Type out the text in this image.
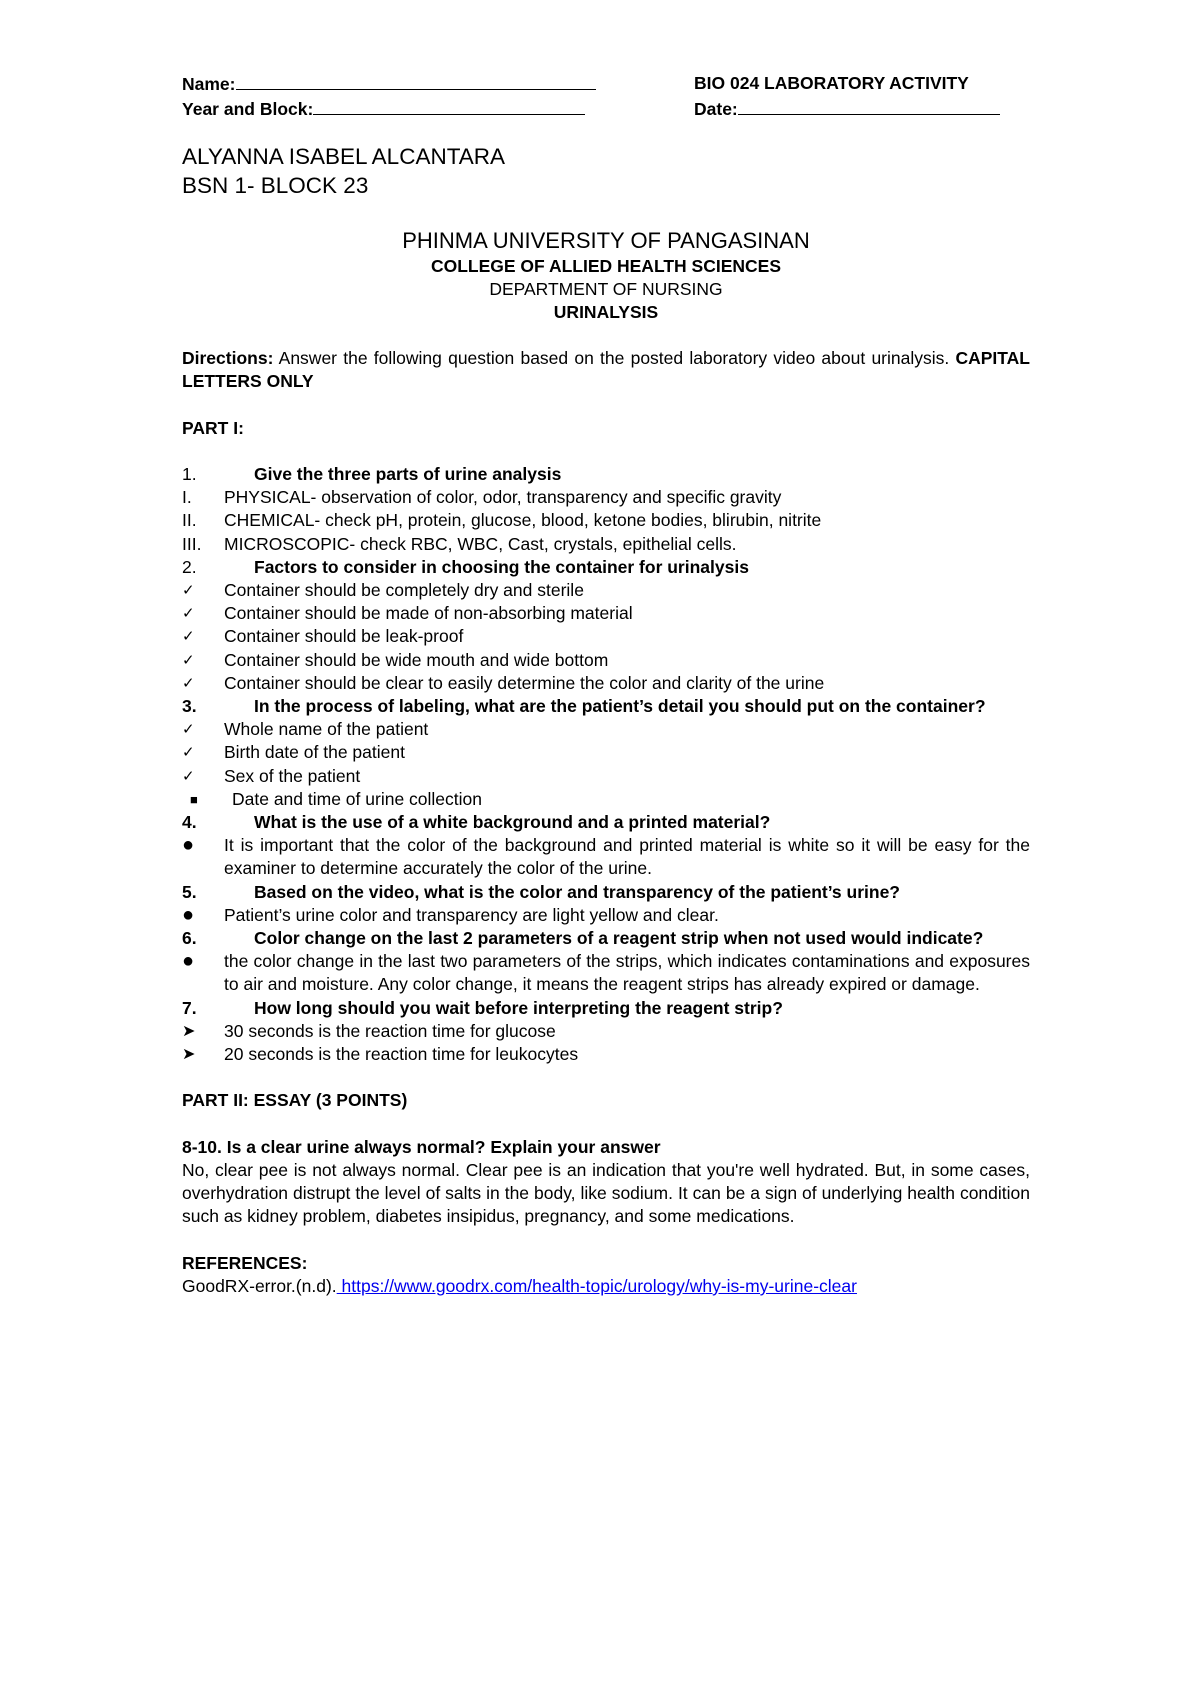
Name:	BIO 024 LABORATORY ACTIVITY
Year and Block:	Date:
ALYANNA ISABEL ALCANTARA
BSN 1- BLOCK 23
PHINMA UNIVERSITY OF PANGASINAN
COLLEGE OF ALLIED HEALTH SCIENCES
DEPARTMENT OF NURSING
URINALYSIS
Directions: Answer the following question based on the posted laboratory video about urinalysis. CAPITAL LETTERS ONLY
PART I:
1.	Give the three parts of urine analysis
I.	PHYSICAL- observation of color, odor, transparency and specific gravity
II.	CHEMICAL- check pH, protein, glucose, blood, ketone bodies, blirubin, nitrite
III.	MICROSCOPIC- check RBC, WBC, Cast, crystals, epithelial cells.
2.	Factors to consider in choosing the container for urinalysis
✓	Container should be completely dry and sterile
✓	Container should be made of non-absorbing material
✓	Container should be leak-proof
✓	Container should be wide mouth and wide bottom
✓	Container should be clear to easily determine the color and clarity of the urine
3.	In the process of labeling, what are the patient’s detail you should put on the container?
✓	Whole name of the patient
✓	Birth date of the patient
✓	Sex of the patient
■	Date and time of urine collection
4.	What is the use of a white background and a printed material?
●	It is important that the color of the background and printed material is white so it will be easy for the examiner to determine accurately the color of the urine.
5.	Based on the video, what is the color and transparency of the patient’s urine?
●	Patient’s urine color and transparency are light yellow and clear.
6.	Color change on the last 2 parameters of a reagent strip when not used would indicate?
●	the color change in the last two parameters of the strips, which indicates contaminations and exposures to air and moisture. Any color change, it means the reagent strips has already expired or damage.
7.	How long should you wait before interpreting the reagent strip?
➤	30 seconds is the reaction time for glucose
➤	20 seconds is the reaction time for leukocytes
PART II: ESSAY (3 POINTS)
8-10. Is a clear urine always normal? Explain your answer
No, clear pee is not always normal. Clear pee is an indication that you're well hydrated. But, in some cases, overhydration distrupt the level of salts in the body, like sodium. It can be a sign of underlying health condition such as kidney problem, diabetes insipidus, pregnancy, and some medications.
REFERENCES:
GoodRX-error.(n.d). https://www.goodrx.com/health-topic/urology/why-is-my-urine-clear
